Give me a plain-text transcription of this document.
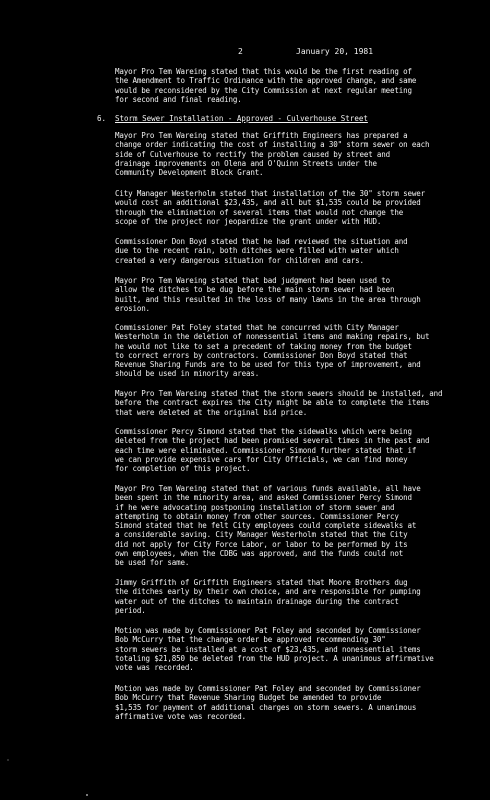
2	January 20, 1981
Mayor Pro Tem Wareing stated that this would be the first reading of
the Amendment to Traffic Ordinance with the approved change, and same
would be reconsidered by the City Commission at next regular meeting
for second and final reading.
6. Storm Sewer Installation - Approved - Culverhouse Street
Mayor Pro Tem Wareing stated that Griffith Engineers has prepared a
change order indicating the cost of installing a 30" storm sewer on each
side of Culverhouse to rectify the problem caused by street and
drainage improvements on Olena and O'Quinn Streets under the
Community Development Block Grant.
City Manager Westerholm stated that installation of the 30" storm sewer
would cost an additional $23,435, and all but $1,535 could be provided
through the elimination of several items that would not change the
scope of the project nor jeopardize the grant under with HUD.
Commissioner Don Boyd stated that he had reviewed the situation and
due to the recent rain, both ditches were filled with water which
created a very dangerous situation for children and cars.
Mayor Pro Tem Wareing stated that bad judgment had been used to
allow the ditches to be dug before the main storm sewer had been
built, and this resulted in the loss of many lawns in the area through
erosion.
Commissioner Pat Foley stated that he concurred with City Manager
Westerholm in the deletion of nonessential items and making repairs, but
he would not like to set a precedent of taking money from the budget
to correct errors by contractors. Commissioner Don Boyd stated that
Revenue Sharing Funds are to be used for this type of improvement, and
should be used in minority areas.
Mayor Pro Tem Wareing stated that the storm sewers should be installed, and
before the contract expires the City might be able to complete the items
that were deleted at the original bid price.
Commissioner Percy Simond stated that the sidewalks which were being
deleted from the project had been promised several times in the past and
each time were eliminated. Commissioner Simond further stated that if
we can provide expensive cars for City Officials, we can find money
for completion of this project.
Mayor Pro Tem Wareing stated that of various funds available, all have
been spent in the minority area, and asked Commissioner Percy Simond
if he were advocating postponing installation of storm sewer and
attempting to obtain money from other sources. Commissioner Percy
Simond stated that he felt City employees could complete sidewalks at
a considerable saving. City Manager Westerholm stated that the City
did not apply for City Force Labor, or labor to be performed by its
own employees, when the CDBG was approved, and the funds could not
be used for same.
Jimmy Griffith of Griffith Engineers stated that Moore Brothers dug
the ditches early by their own choice, and are responsible for pumping
water out of the ditches to maintain drainage during the contract
period.
Motion was made by Commissioner Pat Foley and seconded by Commissioner
Bob McCurry that the change order be approved recommending 30"
storm sewers be installed at a cost of $23,435, and nonessential items
totaling $21,850 be deleted from the HUD project. A unanimous affirmative
vote was recorded.
Motion was made by Commissioner Pat Foley and seconded by Commissioner
Bob McCurry that Revenue Sharing Budget be amended to provide
$1,535 for payment of additional charges on storm sewers. A unanimous
affirmative vote was recorded.
